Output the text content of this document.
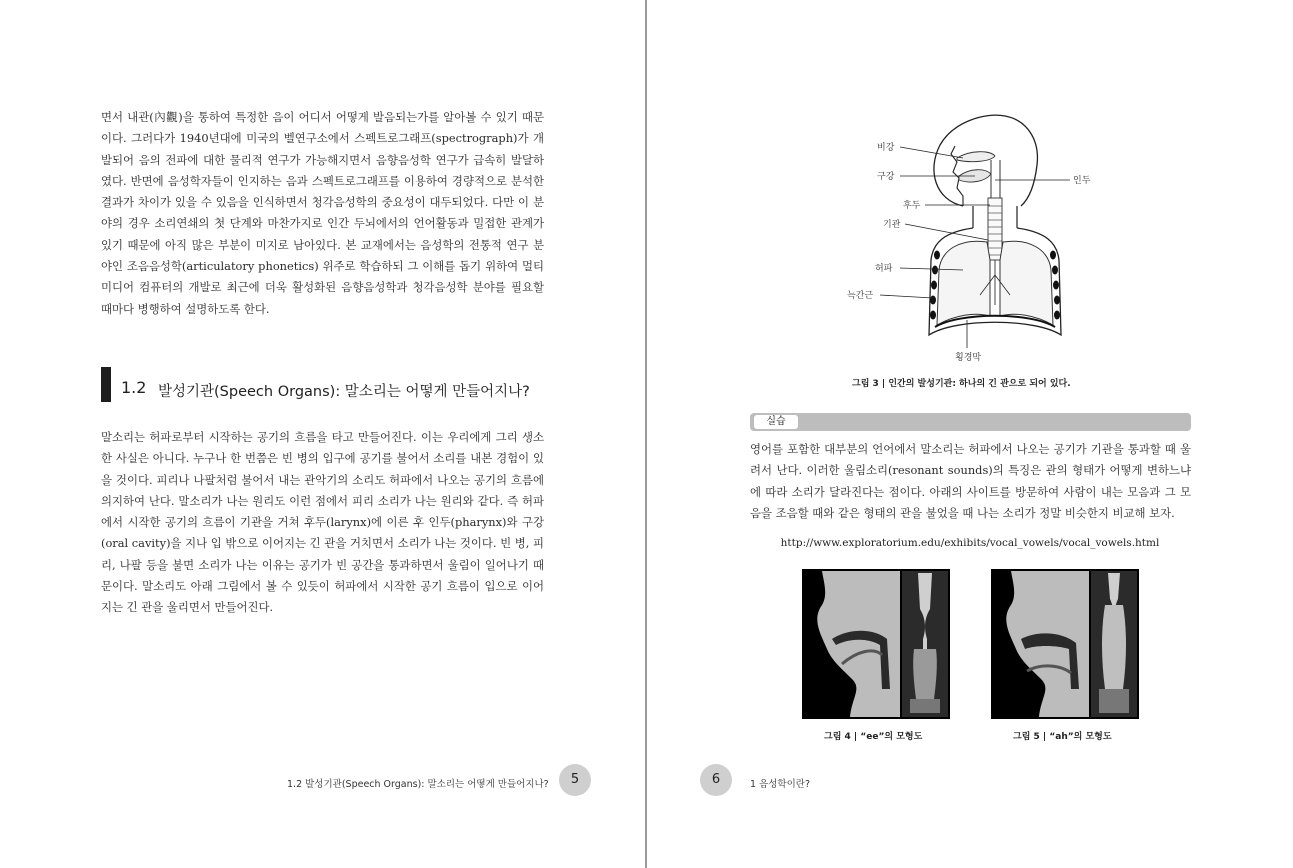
면서 내관(內觀)을 통하여 특정한 음이 어디서 어떻게 발음되는가를 알아볼 수 있기 때문이다. 그러다가 1940년대에 미국의 벨연구소에서 스펙트로그래프(spectrograph)가 개발되어 음의 전파에 대한 물리적 연구가 가능해지면서 음향음성학 연구가 급속히 발달하였다. 반면에 음성학자들이 인지하는 음과 스펙트로그래프를 이용하여 경량적으로 분석한 결과가 차이가 있을 수 있음을 인식하면서 청각음성학의 중요성이 대두되었다. 다만 이 분야의 경우 소리연쇄의 첫 단계와 마찬가지로 인간 두뇌에서의 언어활동과 밀접한 관계가 있기 때문에 아직 많은 부분이 미지로 남아있다. 본 교재에서는 음성학의 전통적 연구 분야인 조음음성학(articulatory phonetics) 위주로 학습하되 그 이해를 돕기 위하여 멀티미디어 컴퓨터의 개발로 최근에 더욱 활성화된 음향음성학과 청각음성학 분야를 필요할 때마다 병행하여 설명하도록 한다.

1.2 발성기관(Speech Organs): 말소리는 어떻게 만들어지나?

말소리는 허파로부터 시작하는 공기의 흐름을 타고 만들어진다. 이는 우리에게 그리 생소한 사실은 아니다. 누구나 한 번쯤은 빈 병의 입구에 공기를 불어서 소리를 내본 경험이 있을 것이다. 피리나 나팔처럼 불어서 내는 관악기의 소리도 허파에서 나오는 공기의 흐름에 의지하여 난다. 말소리가 나는 원리도 이런 점에서 피리 소리가 나는 원리와 같다. 즉 허파에서 시작한 공기의 흐름이 기관을 거쳐 후두(larynx)에 이른 후 인두(pharynx)와 구강(oral cavity)을 지나 입 밖으로 이어지는 긴 관을 거치면서 소리가 나는 것이다. 빈 병, 피리, 나팔 등을 불면 소리가 나는 이유는 공기가 빈 공간을 통과하면서 울림이 일어나기 때문이다. 말소리도 아래 그림에서 볼 수 있듯이 허파에서 시작한 공기 흐름이 입으로 이어지는 긴 관을 울리면서 만들어진다.

1.2 발성기관(Speech Organs): 말소리는 어떻게 만들어지나?	5
비강
구강	인두
후두
기관
허파
늑간근
횡경막
그림 3 | 인간의 발성기관: 하나의 긴 관으로 되어 있다.
실습

영어를 포함한 대부분의 언어에서 말소리는 허파에서 나오는 공기가 기관을 통과할 때 울려서 난다. 이러한 울림소리(resonant sounds)의 특징은 관의 형태가 어떻게 변하느냐에 따라 소리가 달라진다는 점이다. 아래의 사이트를 방문하여 사람이 내는 모음과 그 모음을 조음할 때와 같은 형태의 관을 불었을 때 나는 소리가 정말 비슷한지 비교해 보자.

http://www.exploratorium.edu/exhibits/vocal_vowels/vocal_vowels.html
그림 4 | “ee”의 모형도	그림 5 | “ah”의 모형도
6	1 음성학이란?
